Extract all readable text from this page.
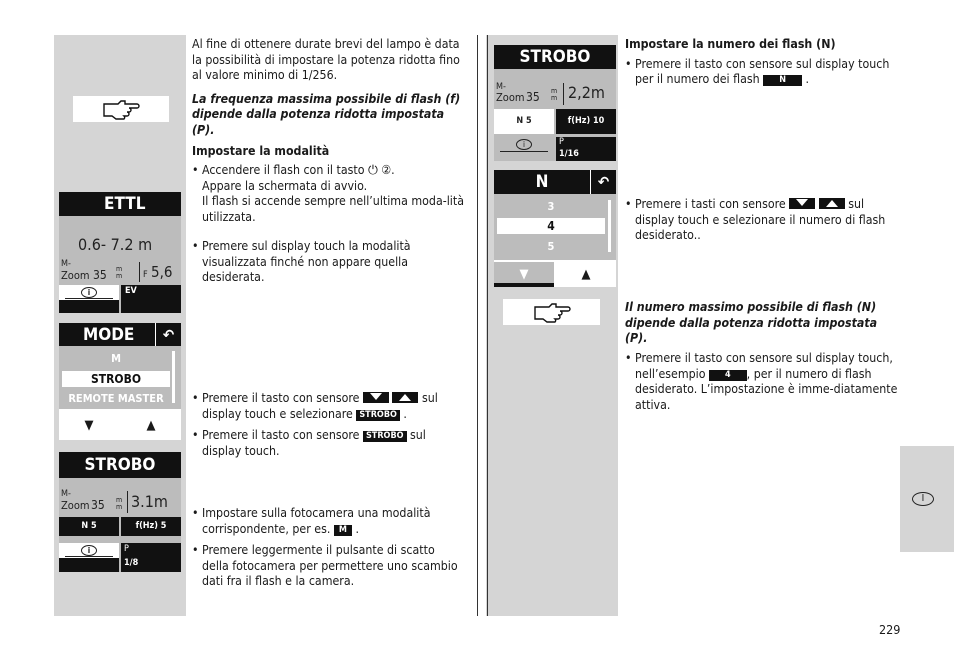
I
ETTL
0.6- 7.2 m
M-
Zoom 35 m
m F 5,6
i	EV
MODE	↶
M
STROBO
REMOTE MASTER
▼	▲
STROBO
M-
Zoom 35 m
m 3.1m
N 5	f(Hz) 5
i	P
1/8

Al fine di ottenere durate brevi del lampo è data la possibilità di impostare la potenza ridotta fino al valore minimo di 1/256.

La frequenza massima possibile di flash (f) dipende dalla potenza ridotta impostata (P).

Impostare la modalità

• Accendere il flash con il tasto ⏻ ②.
Appare la schermata di avvio.
Il flash si accende sempre nell’ultima moda-lità utilizzata.
• Premere sul display touch la modalità visualizzata finché non appare quella desiderata.
• Premere il tasto con sensore
	sul display touch e selezionare STROBO .
• Premere il tasto con sensore STROBO sul display touch.
• Impostare sulla fotocamera una modalità corrispondente, per es. M .
• Premere leggermente il pulsante di scatto della fotocamera per permettere uno scambio dati fra il flash e la camera.
STROBO
M-
Zoom 35 m
m 2,2m
N 5	f(Hz) 10
i	P
1/16
N	↶
3
4
5
▼	▲

Impostare la numero dei flash (N)

• Premere il tasto con sensore sul display touch per il numero dei flash N .
• Premere i tasti con sensore
	sul display touch e selezionare il numero di flash desiderato..
Il numero massimo possibile di flash (N) dipende dalla potenza ridotta impostata (P).
• Premere il tasto con sensore sul display touch, nell’esempio 4 , per il numero di flash desiderato. L’impostazione è imme-diatamente attiva.
229
